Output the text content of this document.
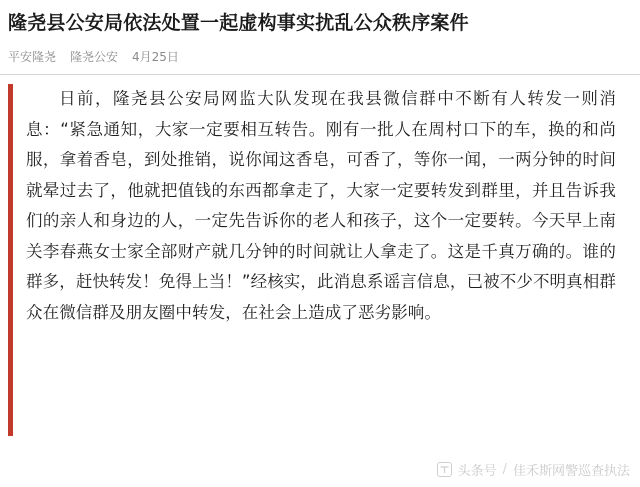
隆尧县公安局依法处置一起虚构事实扰乱公众秩序案件
平安隆尧 隆尧公安 4月25日
日前，隆尧县公安局网监大队发现在我县微信群中不断有人转发一则消息：“紧急通知，大家一定要相互转告。刚有一批人在周村口下的车，换的和尚服，拿着香皂，到处推销，说你闻这香皂，可香了，等你一闻，一两分钟的时间就晕过去了，他就把值钱的东西都拿走了，大家一定要转发到群里，并且告诉我们的亲人和身边的人，一定先告诉你的老人和孩子，这个一定要转。今天早上南关李春燕女士家全部财产就几分钟的时间就让人拿走了。这是千真万确的。谁的群多，赶快转发！免得上当！”经核实，此消息系谣言信息，已被不少不明真相群众在微信群及朋友圈中转发，在社会上造成了恶劣影响。
头条号 / 佳禾斯网警巡查执法
